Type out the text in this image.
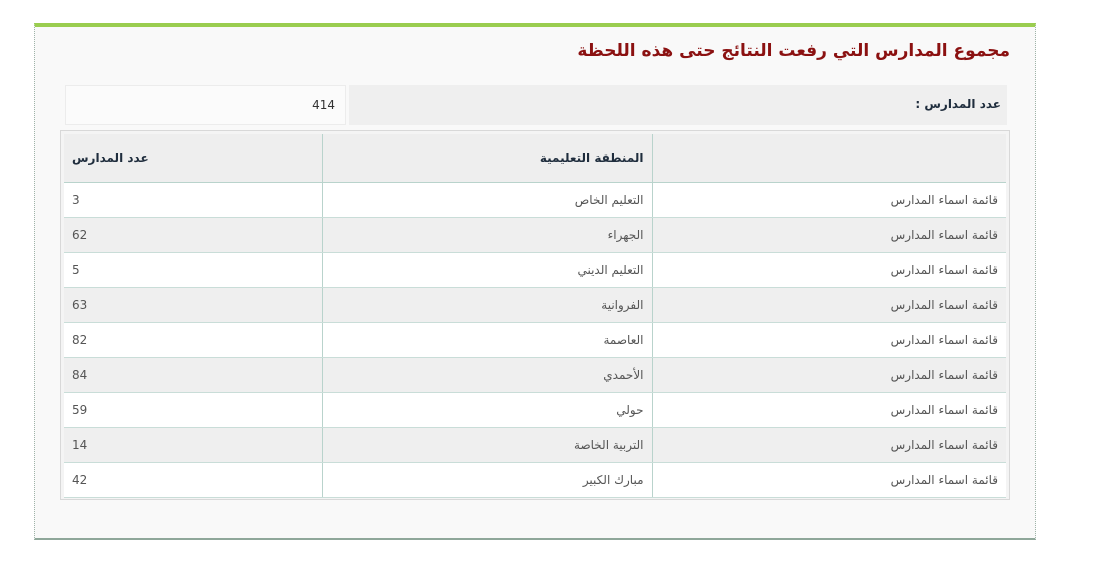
مجموع المدارس التي رفعت النتائج حتى هذه اللحظة
عدد المدارس :
414
	المنطقة التعليمية	عدد المدارس
قائمة اسماء المدارس	التعليم الخاص	3
قائمة اسماء المدارس	الجهراء	62
قائمة اسماء المدارس	التعليم الديني	5
قائمة اسماء المدارس	الفروانية	63
قائمة اسماء المدارس	العاصمة	82
قائمة اسماء المدارس	الأحمدي	84
قائمة اسماء المدارس	حولي	59
قائمة اسماء المدارس	التربية الخاصة	14
قائمة اسماء المدارس	مبارك الكبير	42
